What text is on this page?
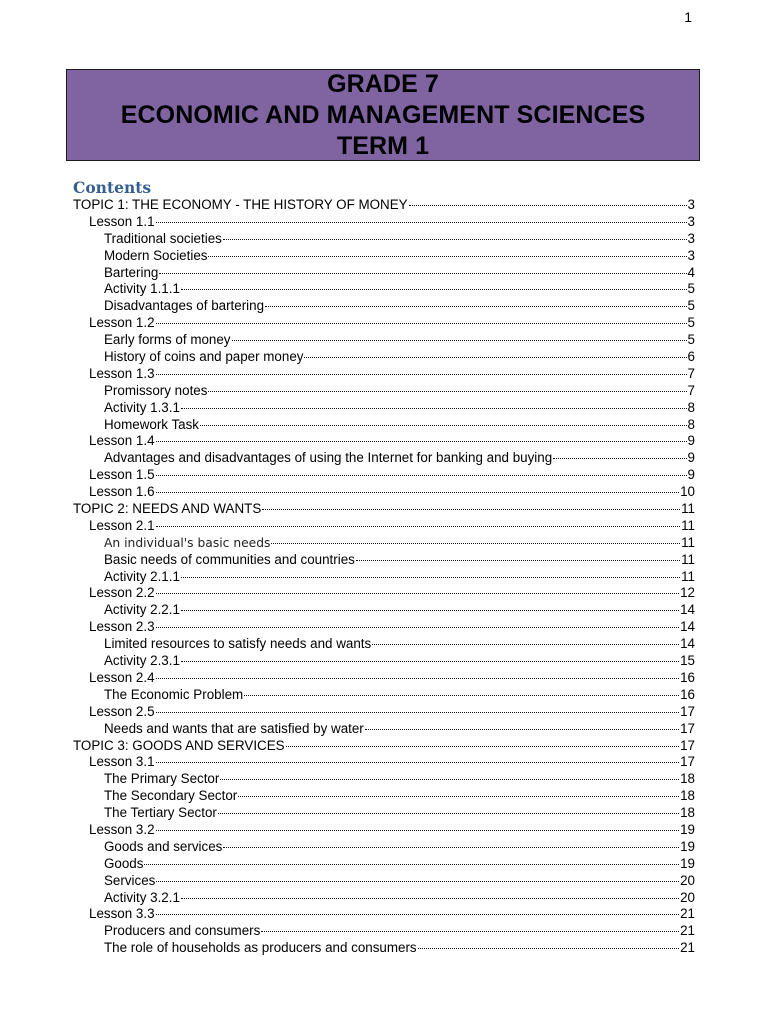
1
GRADE 7
ECONOMIC AND MANAGEMENT SCIENCES
TERM 1
Contents
TOPIC 1: THE ECONOMY - THE HISTORY OF MONEY	3
Lesson 1.1	3
Traditional societies	3
Modern Societies	3
Bartering	4
Activity 1.1.1	5
Disadvantages of bartering	5
Lesson 1.2	5
Early forms of money	5
History of coins and paper money	6
Lesson 1.3	7
Promissory notes	7
Activity 1.3.1	8
Homework Task	8
Lesson 1.4	9
Advantages and disadvantages of using the Internet for banking and buying	9
Lesson 1.5	9
Lesson 1.6	10
TOPIC 2: NEEDS AND WANTS	11
Lesson 2.1	11
An individual's basic needs	11
Basic needs of communities and countries	11
Activity 2.1.1	11
Lesson 2.2	12
Activity 2.2.1	14
Lesson 2.3	14
Limited resources to satisfy needs and wants	14
Activity 2.3.1	15
Lesson 2.4	16
The Economic Problem	16
Lesson 2.5	17
Needs and wants that are satisfied by water	17
TOPIC 3: GOODS AND SERVICES	17
Lesson 3.1	17
The Primary Sector	18
The Secondary Sector	18
The Tertiary Sector	18
Lesson 3.2	19
Goods and services	19
Goods	19
Services	20
Activity 3.2.1	20
Lesson 3.3	21
Producers and consumers	21
The role of households as producers and consumers	21
